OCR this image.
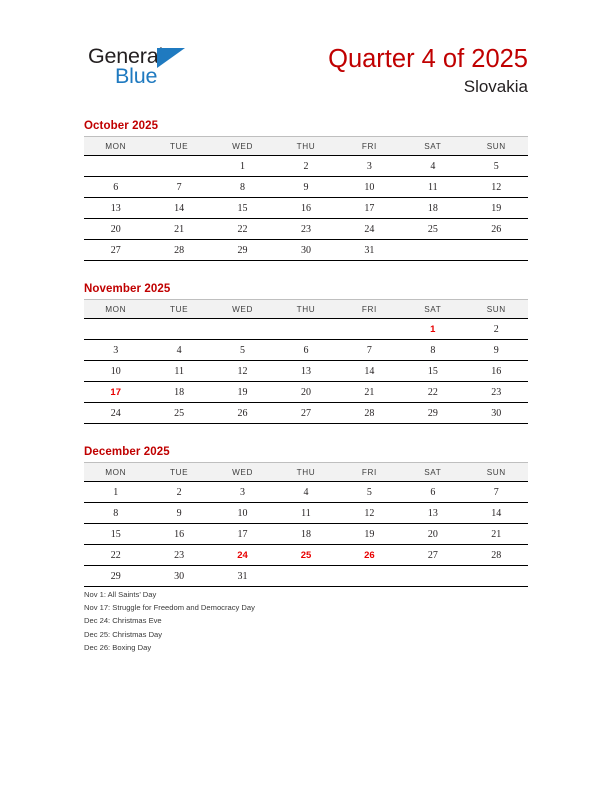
General
Blue
Quarter 4 of 2025
Slovakia
October 2025
MON	TUE	WED	THU	FRI	SAT	SUN
		1	2	3	4	5
6	7	8	9	10	11	12
13	14	15	16	17	18	19
20	21	22	23	24	25	26
27	28	29	30	31		
November 2025
MON	TUE	WED	THU	FRI	SAT	SUN
					1	2
3	4	5	6	7	8	9
10	11	12	13	14	15	16
17	18	19	20	21	22	23
24	25	26	27	28	29	30
December 2025
MON	TUE	WED	THU	FRI	SAT	SUN
1	2	3	4	5	6	7
8	9	10	11	12	13	14
15	16	17	18	19	20	21
22	23	24	25	26	27	28
29	30	31				
Nov 1: All Saints’ Day
Nov 17: Struggle for Freedom and Democracy Day
Dec 24: Christmas Eve
Dec 25: Christmas Day
Dec 26: Boxing Day
